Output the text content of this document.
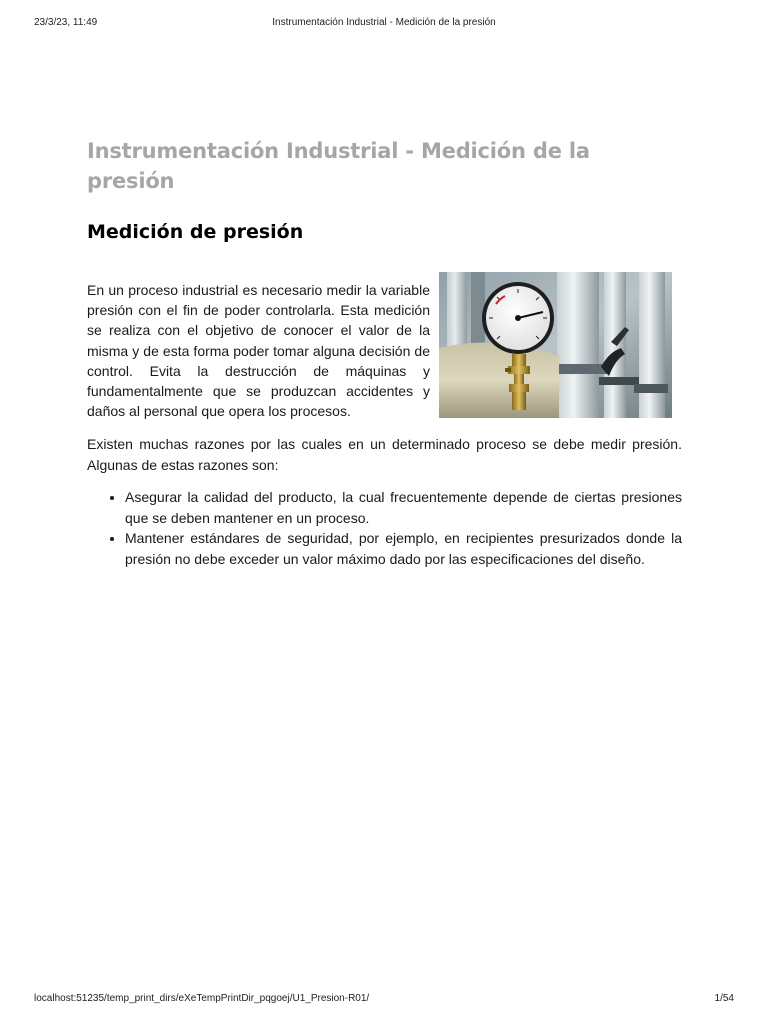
23/3/23, 11:49	Instrumentación Industrial - Medición de la presión
Instrumentación Industrial - Medición de la presión
Medición de presión

En un proceso industrial es necesario medir la variable presión con el fin de poder controlarla. Esta medición se realiza con el objetivo de conocer el valor de la misma y de esta forma poder tomar alguna decisión de control. Evita la destrucción de máquinas y fundamentalmente que se produzcan accidentes y daños al personal que opera los procesos.

Existen muchas razones por las cuales en un determinado proceso se debe medir presión. Algunas de estas razones son:

• Asegurar la calidad del producto, la cual frecuentemente depende de ciertas presiones que se deben mantener en un proceso.
• Mantener estándares de seguridad, por ejemplo, en recipientes presurizados donde la presión no debe exceder un valor máximo dado por las especificaciones del diseño.
localhost:51235/temp_print_dirs/eXeTempPrintDir_pqgoej/U1_Presion-R01/	1/54
